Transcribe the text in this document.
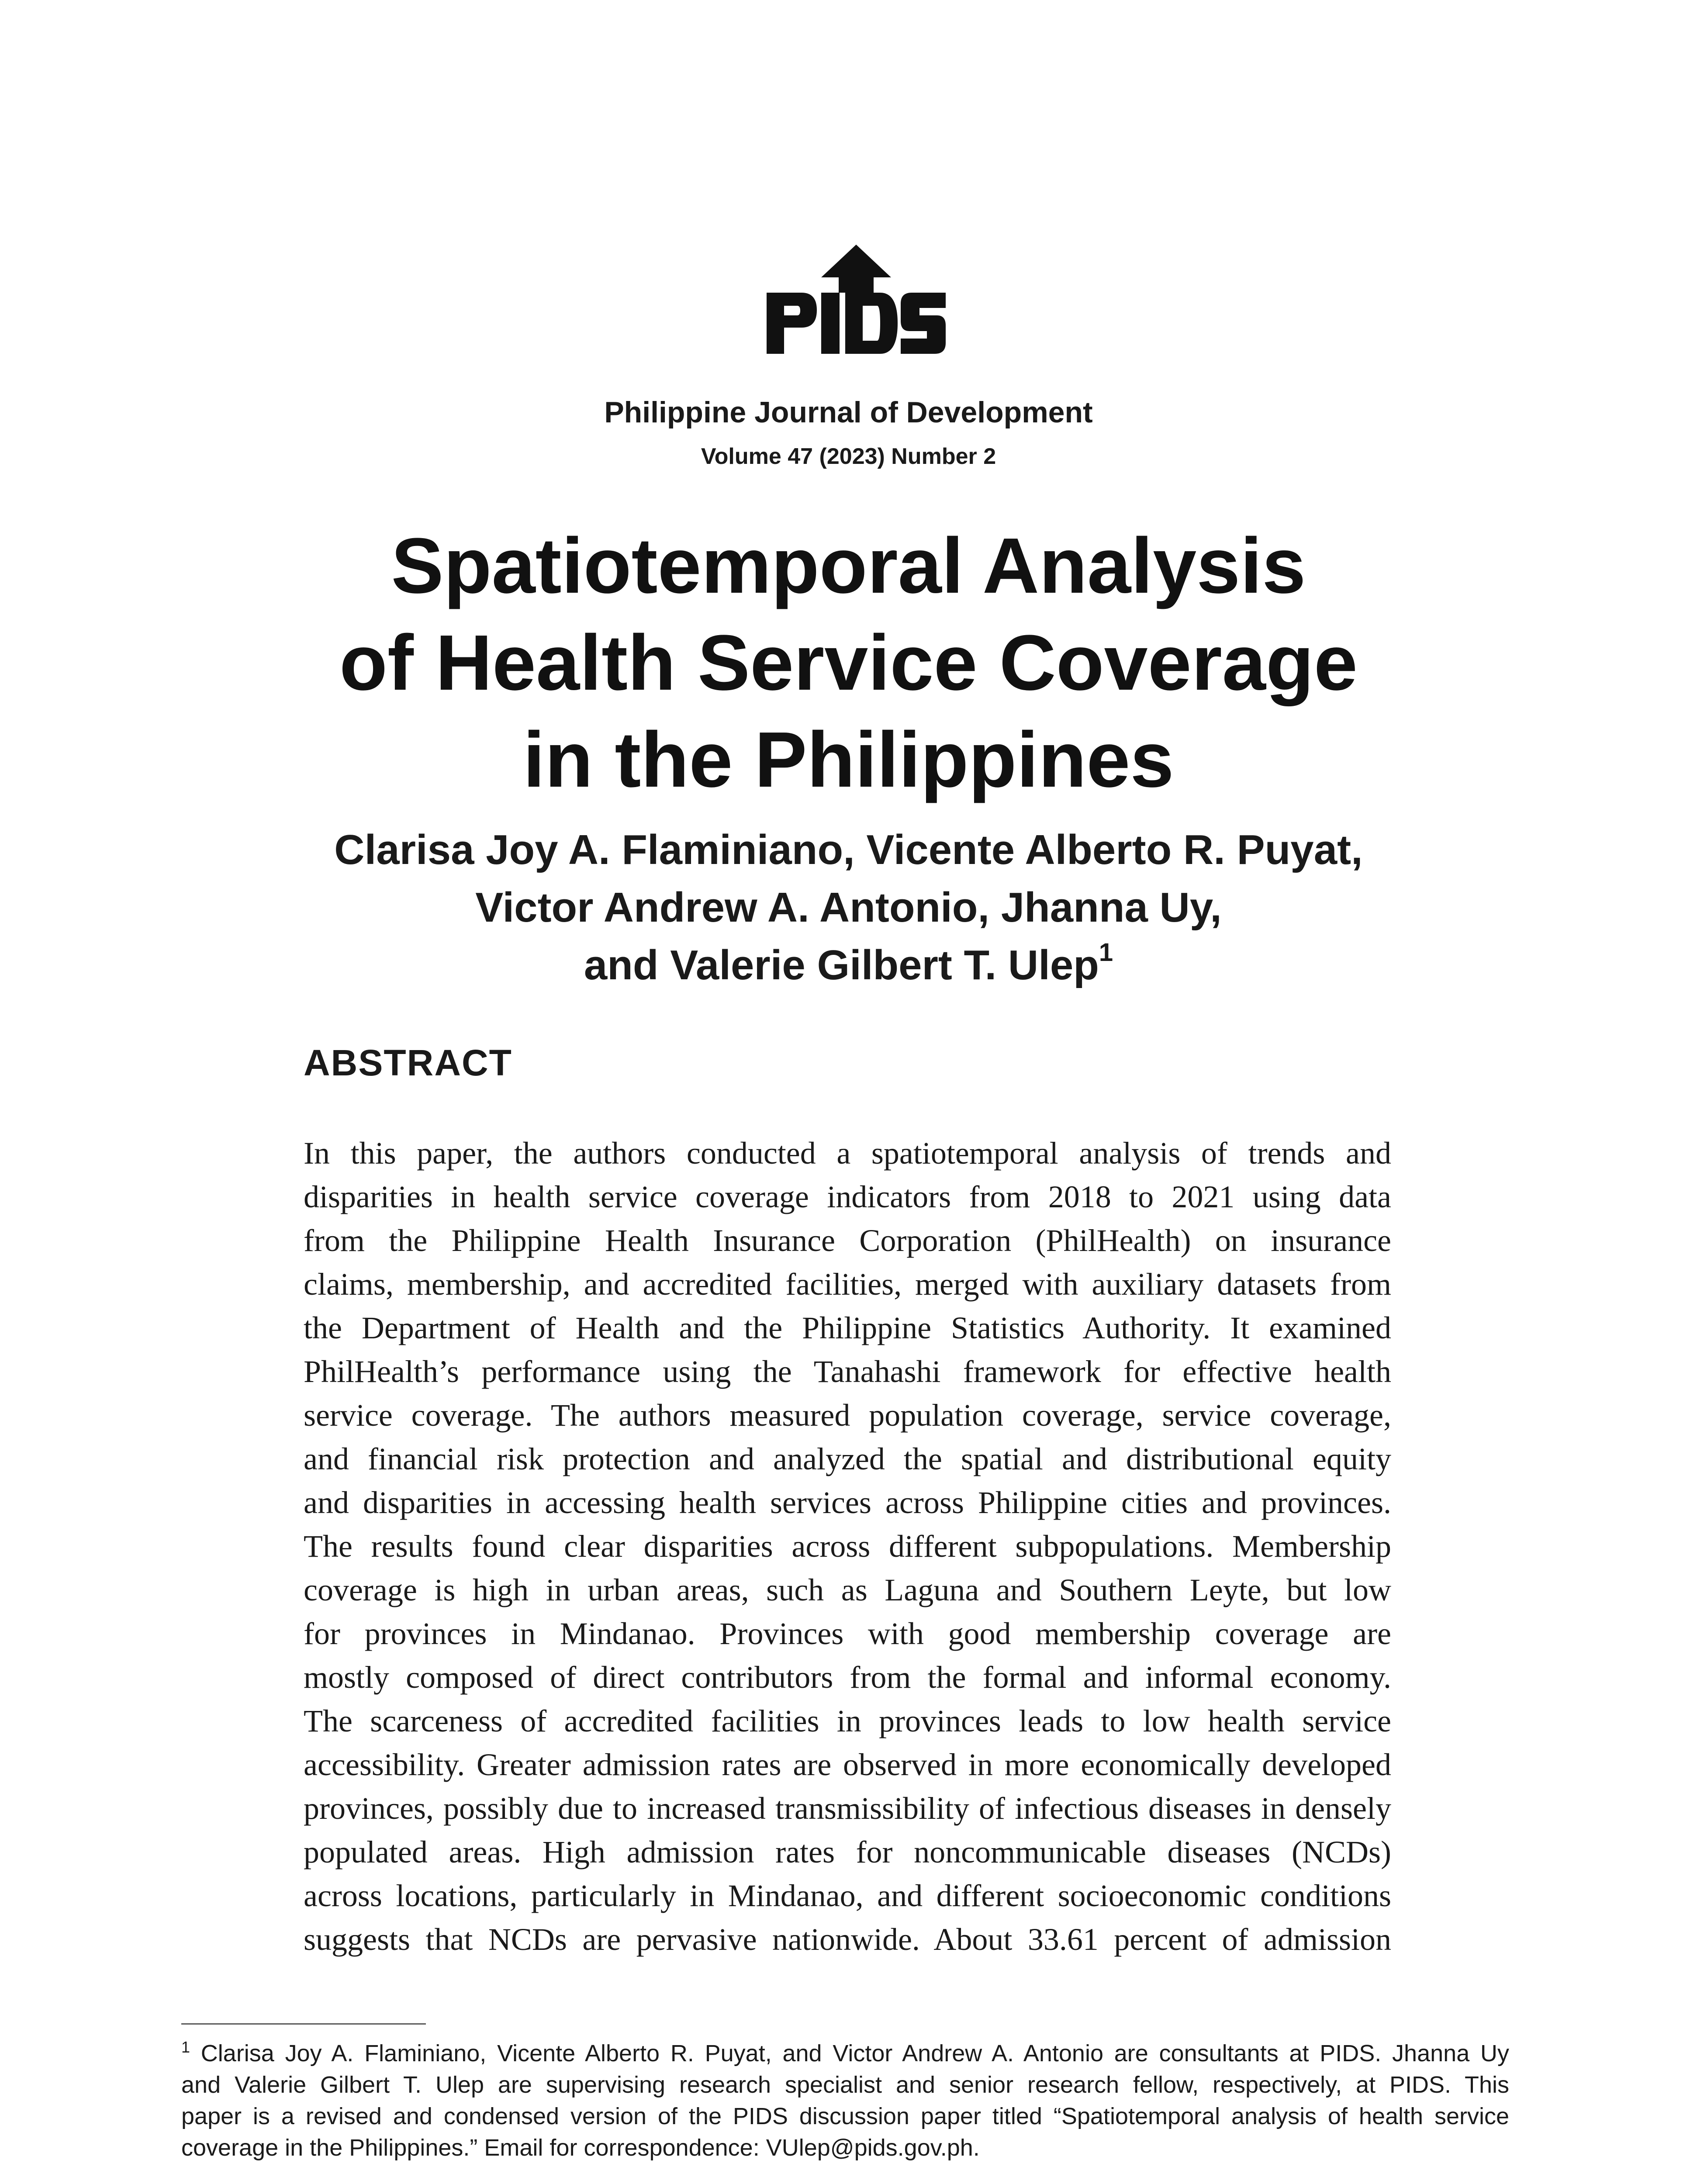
Philippine Journal of Development
Volume 47 (2023) Number 2
Spatiotemporal Analysis
of Health Service Coverage
in the Philippines
Clarisa Joy A. Flaminiano, Vicente Alberto R. Puyat,
Victor Andrew A. Antonio, Jhanna Uy,
and Valerie Gilbert T. Ulep$^1$
ABSTRACT
In this paper, the authors conducted a spatiotemporal analysis of trends and
disparities in health service coverage indicators from 2018 to 2021 using data
from the Philippine Health Insurance Corporation (PhilHealth) on insurance
claims, membership, and accredited facilities, merged with auxiliary datasets from
the Department of Health and the Philippine Statistics Authority. It examined
PhilHealth’s performance using the Tanahashi framework for effective health
service coverage. The authors measured population coverage, service coverage,
and financial risk protection and analyzed the spatial and distributional equity
and disparities in accessing health services across Philippine cities and provinces.
The results found clear disparities across different subpopulations. Membership
coverage is high in urban areas, such as Laguna and Southern Leyte, but low
for provinces in Mindanao. Provinces with good membership coverage are
mostly composed of direct contributors from the formal and informal economy.
The scarceness of accredited facilities in provinces leads to low health service
accessibility. Greater admission rates are observed in more economically developed
provinces, possibly due to increased transmissibility of infectious diseases in densely
populated areas. High admission rates for noncommunicable diseases (NCDs)
across locations, particularly in Mindanao, and different socioeconomic conditions
suggests that NCDs are pervasive nationwide. About 33.61 percent of admission
$^1$ Clarisa Joy A. Flaminiano, Vicente Alberto R. Puyat, and Victor Andrew A. Antonio are consultants at PIDS. Jhanna Uy
and Valerie Gilbert T. Ulep are supervising research specialist and senior research fellow, respectively, at PIDS. This
paper is a revised and condensed version of the PIDS discussion paper titled “Spatiotemporal analysis of health service
coverage in the Philippines.” Email for correspondence: VUlep@pids.gov.ph.
